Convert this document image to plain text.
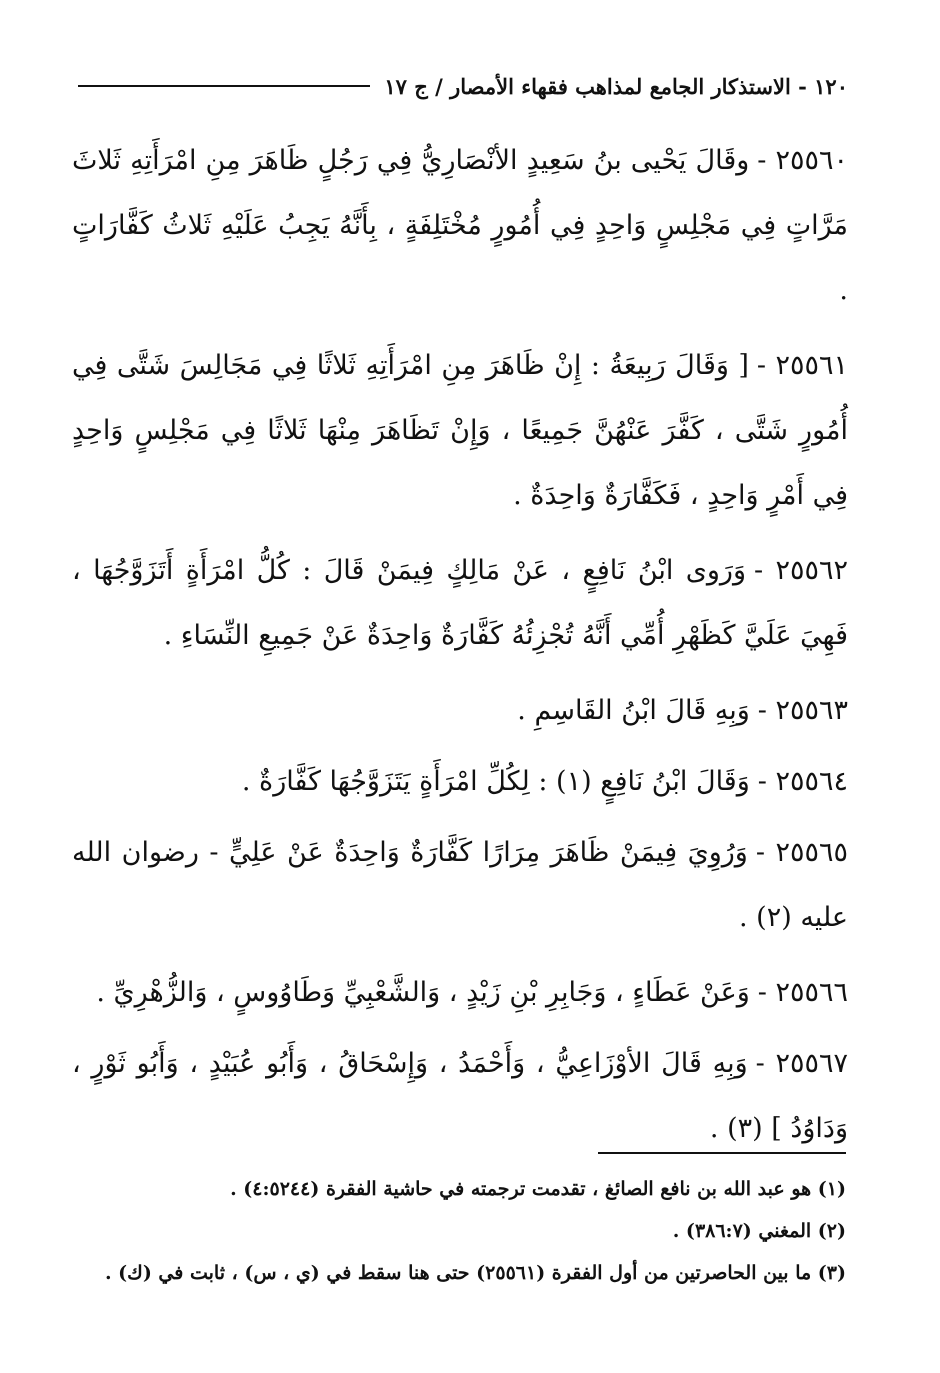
١٢٠ - الاستذكار الجامع لمذاهب فقهاء الأمصار / ج ١٧

٢٥٥٦٠ -وقَالَ يَحْيى بنُ سَعِيدٍ الأنْصَارِيُّ فِي رَجُلٍ ظَاهَرَ مِنِ امْرَأَتِهِ ثَلاثَ مَرَّاتٍ فِي مَجْلِسٍ وَاحِدٍ فِي أُمُورٍ مُخْتَلِفَةٍ ، بِأَنَّهُ يَجِبُ عَلَيْهِ ثَلاثُ كَفَّارَاتٍ .

٢٥٥٦١ -[ وَقَالَ رَبِيعَةُ : إِنْ ظَاهَرَ مِنِ امْرَأَتِهِ ثَلاثًا فِي مَجَالِسَ شَتَّى فِي أُمُورٍ شَتَّى ، كَفَّرَ عَنْهُنَّ جَمِيعًا ، وَإِنْ تَظَاهَرَ مِنْهَا ثَلاثًا فِي مَجْلِسٍ وَاحِدٍ فِي أَمْرٍ وَاحِدٍ ، فَكَفَّارَةٌ وَاحِدَةٌ .

٢٥٥٦٢ -وَرَوى ابْنُ نَافِعٍ ، عَنْ مَالِكٍ فِيمَنْ قَالَ : كُلُّ امْرَأَةٍ أَتَزَوَّجُهَا ، فَهِيَ عَلَيَّ كَظَهْرِ أُمِّي أَنَّهُ تُجْزِئُهُ كَفَّارَةٌ وَاحِدَةٌ عَنْ جَمِيعِ النِّسَاءِ .

٢٥٥٦٣ -وَبِهِ قَالَ ابْنُ القَاسِمِ .

٢٥٥٦٤ -وَقَالَ ابْنُ نَافِعٍ (١) : لِكُلِّ امْرَأَةٍ يَتَزَوَّجُهَا كَفَّارَةٌ .

٢٥٥٦٥ -وَرُوِيَ فِيمَنْ ظَاهَرَ مِرَارًا كَفَّارَةٌ وَاحِدَةٌ عَنْ عَلِيٍّ - رضوان الله عليه (٢) .

٢٥٥٦٦ -وَعَنْ عَطَاءٍ ، وَجَابِرِ بْنِ زَيْدٍ ، وَالشَّعْبِيِّ وَطَاوُوسٍ ، وَالزُّهْرِيِّ .

٢٥٥٦٧ -وَبِهِ قَالَ الأوْزَاعِيُّ ، وَأَحْمَدُ ، وَإِسْحَاقُ ، وَأَبُو عُبَيْدٍ ، وَأَبُو ثَوْرٍ ، وَدَاوُدُ ] (٣) .

(١) هو عبد الله بن نافع الصائغ ، تقدمت ترجمته في حاشية الفقرة (٤:٥٢٤٤) .

(٢) المغني (٣٨٦:٧) .

(٣) ما بين الحاصرتين من أول الفقرة (٢٥٥٦١) حتى هنا سقط في (ي ، س) ، ثابت في (ك) .
